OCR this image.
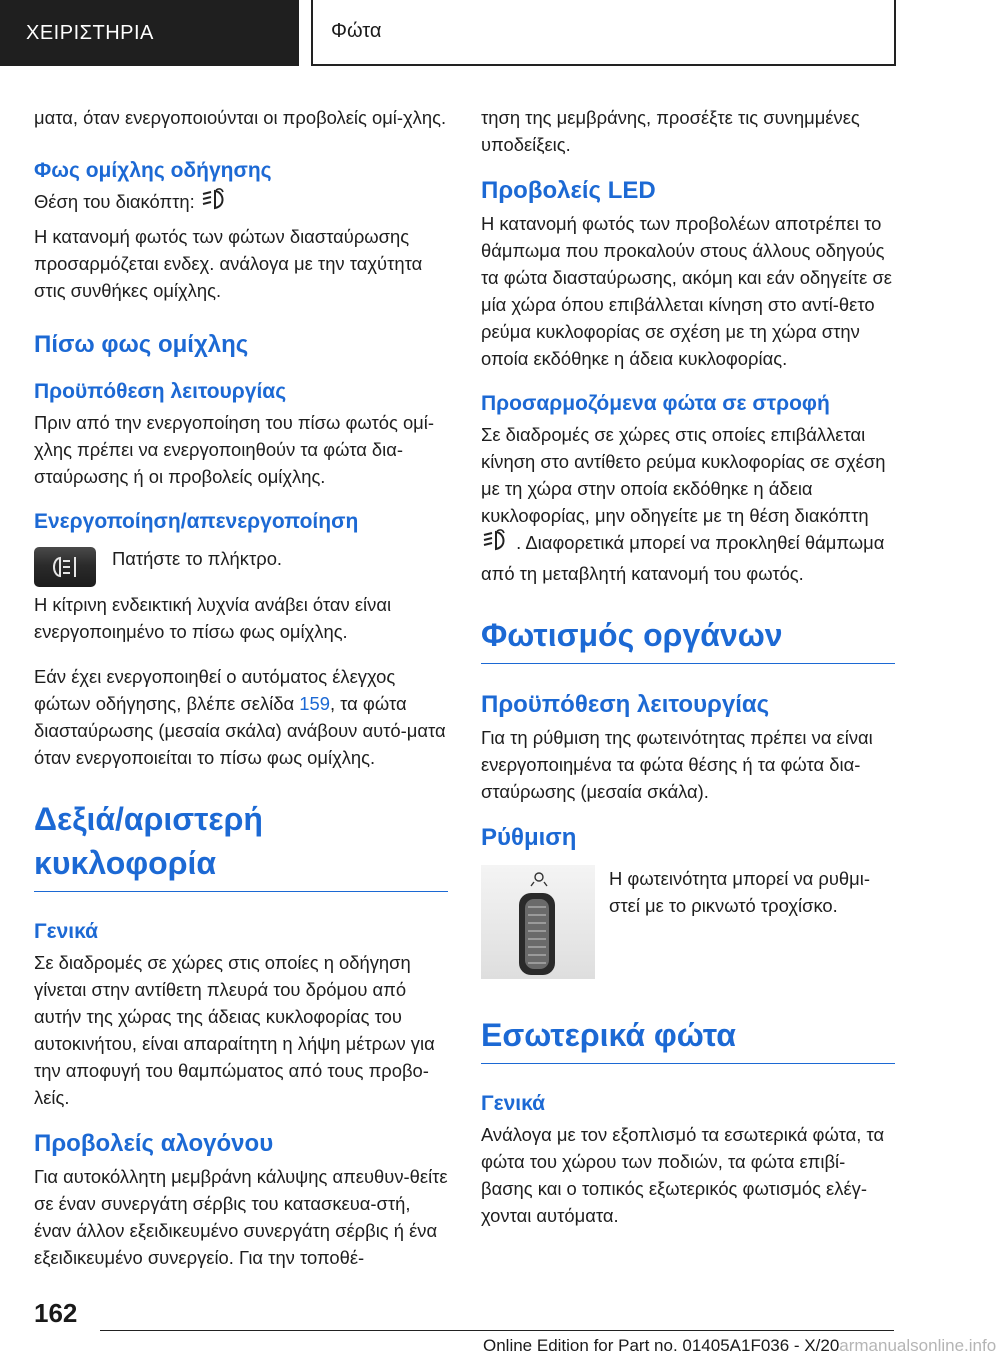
ΧΕΙΡΙΣΤΗΡΙΑ	Φώτα

ματα, όταν ενεργοποιούνται οι προβολείς ομί-χλης.

Φως ομίχλης οδήγησης

Θέση του διακόπτη:

Η κατανομή φωτός των φώτων διασταύρωσης προσαρμόζεται ενδεχ. ανάλογα με την ταχύτητα στις συνθήκες ομίχλης.

Πίσω φως ομίχλης
Προϋπόθεση λειτουργίας

Πριν από την ενεργοποίηση του πίσω φωτός ομί-χλης πρέπει να ενεργοποιηθούν τα φώτα δια-σταύρωσης ή οι προβολείς ομίχλης.

Ενεργοποίηση/απενεργοποίηση

Πατήστε το πλήκτρο.

Η κίτρινη ενδεικτική λυχνία ανάβει όταν είναι ενεργοποιημένο το πίσω φως ομίχλης.

Εάν έχει ενεργοποιηθεί ο αυτόματος έλεγχος φώτων οδήγησης, βλέπε σελίδα 159, τα φώτα διασταύρωσης (μεσαία σκάλα) ανάβουν αυτό-ματα όταν ενεργοποιείται το πίσω φως ομίχλης.

Δεξιά/αριστερή
κυκλοφορία
Γενικά

Σε διαδρομές σε χώρες στις οποίες η οδήγηση γίνεται στην αντίθετη πλευρά του δρόμου από αυτήν της χώρας της άδειας κυκλοφορίας του αυτοκινήτου, είναι απαραίτητη η λήψη μέτρων για την αποφυγή του θαμπώματος από τους προβο-λείς.

Προβολείς αλογόνου

Για αυτοκόλλητη μεμβράνη κάλυψης απευθυν-θείτε σε έναν συνεργάτη σέρβις του κατασκευα-στή, έναν άλλον εξειδικευμένο συνεργάτη σέρβις ή ένα εξειδικευμένο συνεργείο. Για την τοποθέ-

τηση της μεμβράνης, προσέξτε τις συνημμένες υποδείξεις.

Προβολείς LED

Η κατανομή φωτός των προβολέων αποτρέπει το θάμπωμα που προκαλούν στους άλλους οδηγούς τα φώτα διασταύρωσης, ακόμη και εάν οδηγείτε σε μία χώρα όπου επιβάλλεται κίνηση στο αντί-θετο ρεύμα κυκλοφορίας σε σχέση με τη χώρα στην οποία εκδόθηκε η άδεια κυκλοφορίας.

Προσαρμοζόμενα φώτα σε στροφή

Σε διαδρομές σε χώρες στις οποίες επιβάλλεται κίνηση στο αντίθετο ρεύμα κυκλοφορίας σε σχέση με τη χώρα στην οποία εκδόθηκε η άδεια κυκλοφορίας, μην οδηγείτε με τη θέση διακόπτη
. Διαφορετικά μπορεί να προκληθεί θάμπωμα από τη μεταβλητή κατανομή του φωτός.

Φωτισμός οργάνων
Προϋπόθεση λειτουργίας

Για τη ρύθμιση της φωτεινότητας πρέπει να είναι ενεργοποιημένα τα φώτα θέσης ή τα φώτα δια-σταύρωσης (μεσαία σκάλα).

Ρύθμιση

Η φωτεινότητα μπορεί να ρυθμι-στεί με το ρικνωτό τροχίσκο.

Εσωτερικά φώτα
Γενικά

Ανάλογα με τον εξοπλισμό τα εσωτερικά φώτα, τα φώτα του χώρου των ποδιών, τα φώτα επιβί-βασης και ο τοπικός εξωτερικός φωτισμός ελέγ-χονται αυτόματα.

162
Online Edition for Part no. 01405A1F036 - X/20armanualsonline.info
